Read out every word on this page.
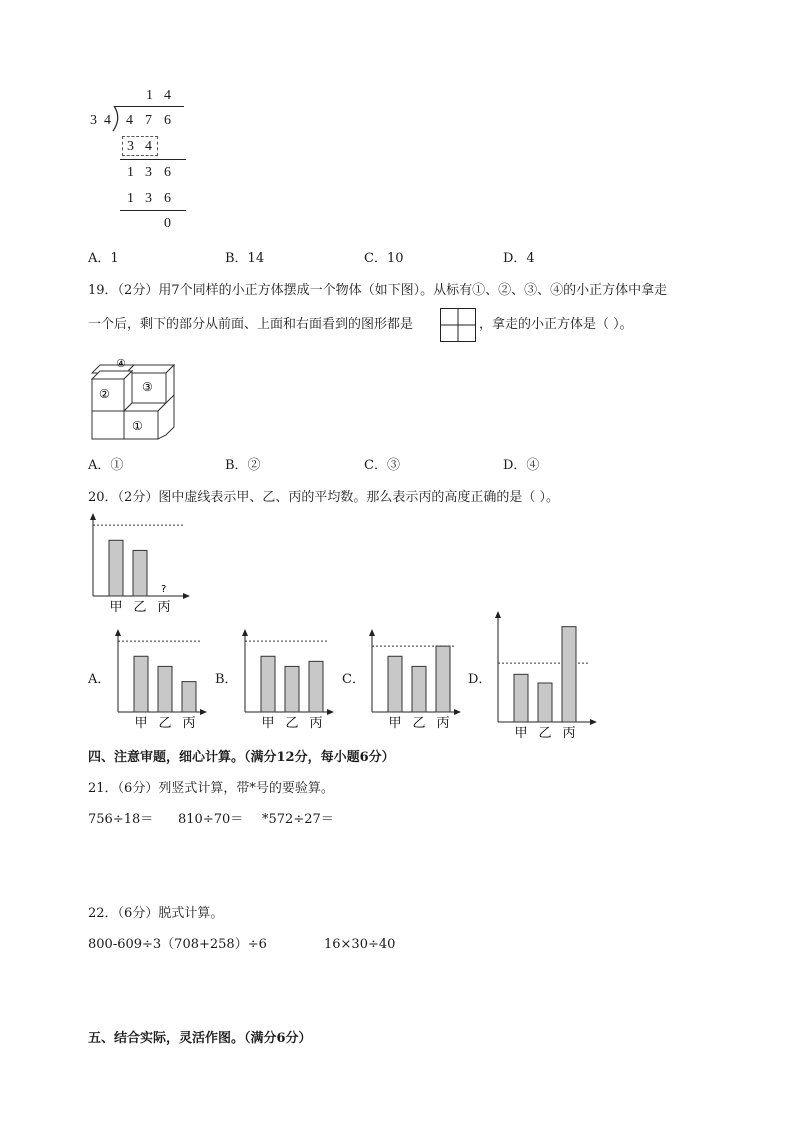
1 4
3 4 4 7 6
3 4
1 3 6
1 3 6
0
A．1	B．14	C．10	D．4
19．（2分）用7个同样的小正方体摆成一个物体（如下图）。从标有①、②、③、④的小正方体中拿走
一个后，剩下的部分从前面、上面和右面看到的图形都是	，拿走的小正方体是（ ）。
④
②	③
①
A．①	B．②	C．③	D．④
20．（2分）图中虚线表示甲、乙、丙的平均数。那么表示丙的高度正确的是（ ）。
甲 乙
?
丙
A．	B．	C．	D．
甲 乙 丙	甲 乙 丙	甲 乙 丙
甲 乙 丙
四、注意审题，细心计算。（满分12分，每小题6分）
21．（6分）列竖式计算，带*号的要验算。
756÷18＝ 810÷70＝ *572÷27＝
22．（6分）脱式计算。
800-609÷3（708+258）÷6	16×30÷40
五、结合实际，灵活作图。（满分6分）
